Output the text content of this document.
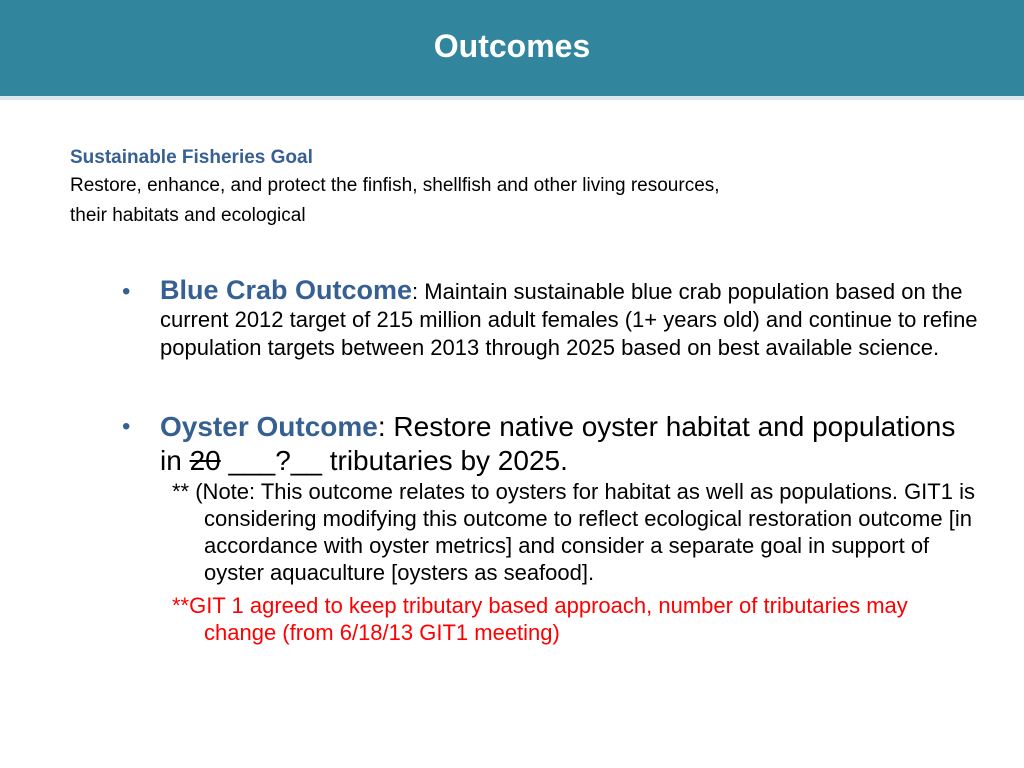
Outcomes
Sustainable Fisheries Goal
Restore, enhance, and protect the finfish, shellfish and other living resources,
their habitats and ecological
• Blue Crab Outcome: Maintain sustainable blue crab population based on the current 2012 target of 215 million adult females (1+ years old) and continue to refine population targets between 2013 through 2025 based on best available science.
• Oyster Outcome: Restore native oyster habitat and populations in 20 ___?__ tributaries by 2025.
** (Note: This outcome relates to oysters for habitat as well as populations. GIT1 is considering modifying this outcome to reflect ecological restoration outcome [in accordance with oyster metrics] and consider a separate goal in support of oyster aquaculture [oysters as seafood].
**GIT 1 agreed to keep tributary based approach, number of tributaries may change (from 6/18/13 GIT1 meeting)
